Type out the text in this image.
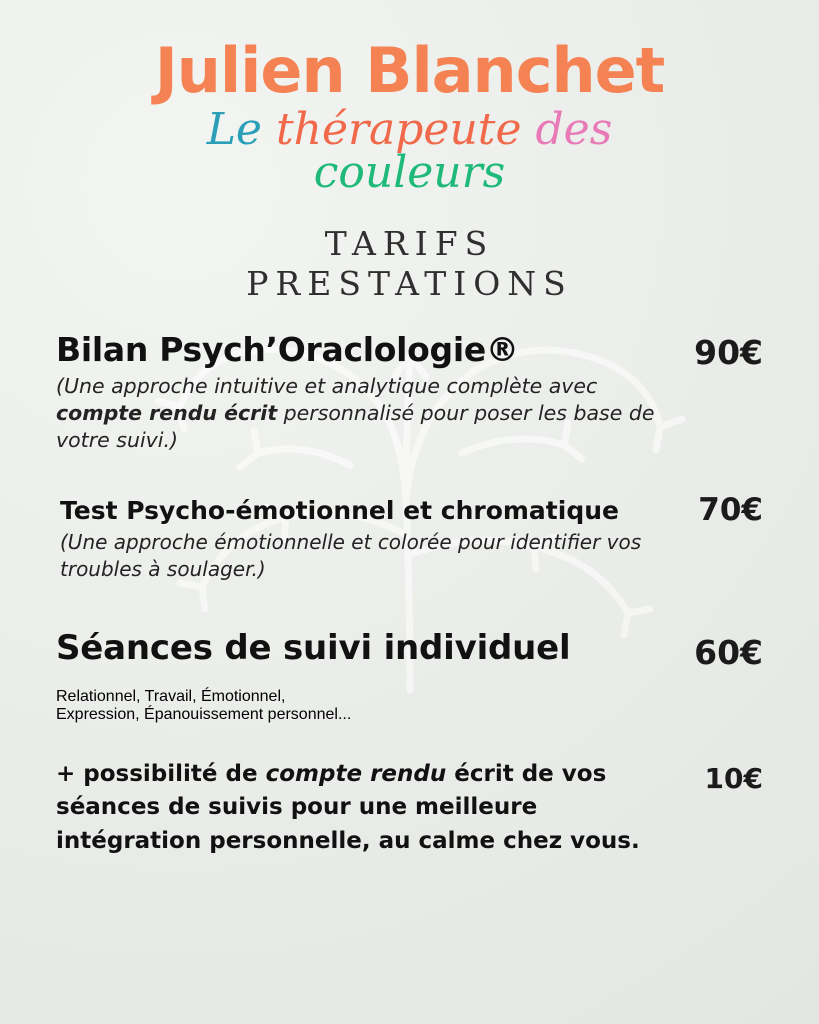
Julien Blanchet
Le thérapeute des
couleurs
TARIFS
PRESTATIONS

Bilan Psych’Oraclologie®

(Une approche intuitive et analytique complète avec compte rendu écrit personnalisé pour poser les base de votre suivi.)

90€

Test Psycho-émotionnel et chromatique

(Une approche émotionnelle et colorée pour identifier vos troubles à soulager.)

70€

Séances de suivi individuel	60€

Relationnel, Travail, Émotionnel,
Expression, Épanouissement personnel...

+ possibilité de compte rendu écrit de vos séances de suivis pour une meilleure intégration personnelle, au calme chez vous.

10€
